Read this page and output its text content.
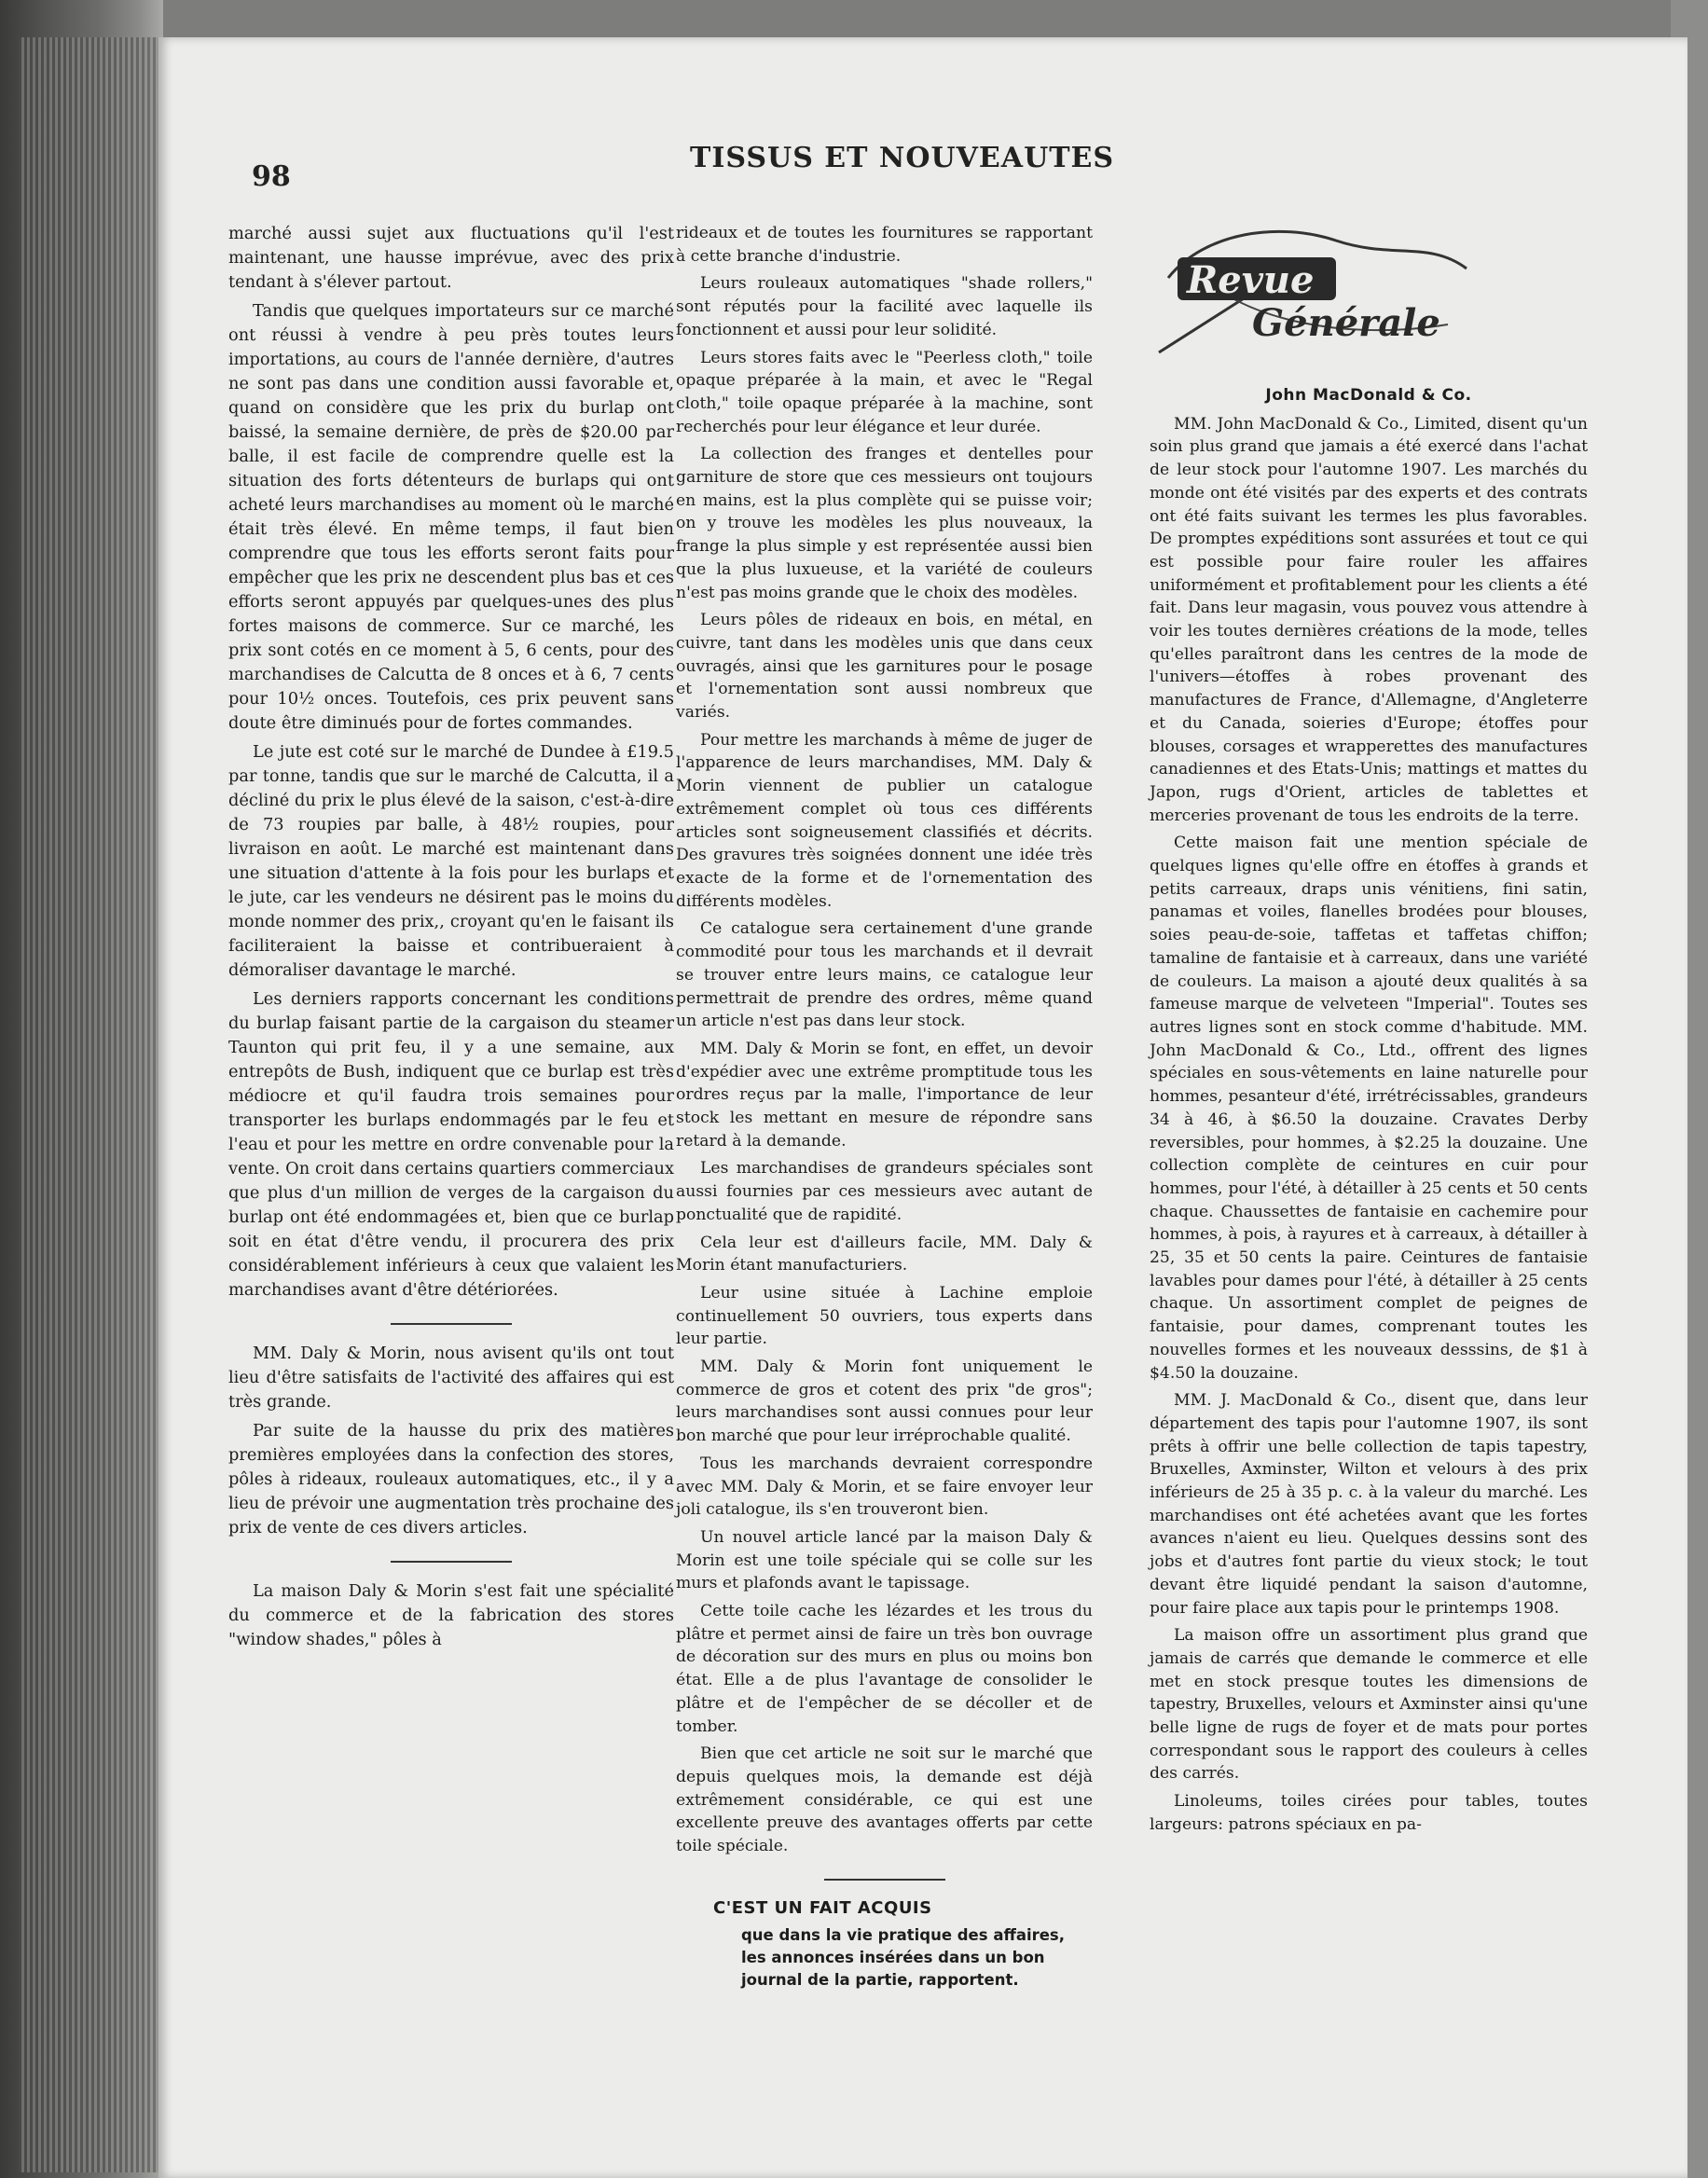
98
TISSUS ET NOUVEAUTES

marché aussi sujet aux fluctuations qu'il l'est maintenant, une hausse imprévue, avec des prix tendant à s'élever partout.

Tandis que quelques importateurs sur ce marché ont réussi à vendre à peu près toutes leurs importations, au cours de l'année dernière, d'autres ne sont pas dans une condition aussi favorable et, quand on considère que les prix du burlap ont baissé, la semaine dernière, de près de $20.00 par balle, il est facile de comprendre quelle est la situation des forts détenteurs de burlaps qui ont acheté leurs marchandises au moment où le marché était très élevé. En même temps, il faut bien comprendre que tous les efforts seront faits pour empêcher que les prix ne descendent plus bas et ces efforts seront appuyés par quelques-unes des plus fortes maisons de commerce. Sur ce marché, les prix sont cotés en ce moment à 5, 6 cents, pour des marchandises de Calcutta de 8 onces et à 6, 7 cents pour 10½ onces. Toutefois, ces prix peuvent sans doute être diminués pour de fortes commandes.

Le jute est coté sur le marché de Dundee à £19.5 par tonne, tandis que sur le marché de Calcutta, il a décliné du prix le plus élevé de la saison, c'est-à-dire de 73 roupies par balle, à 48½ roupies, pour livraison en août. Le marché est maintenant dans une situation d'attente à la fois pour les burlaps et le jute, car les vendeurs ne désirent pas le moins du monde nommer des prix,, croyant qu'en le faisant ils faciliteraient la baisse et contribueraient à démoraliser davantage le marché.

Les derniers rapports concernant les conditions du burlap faisant partie de la cargaison du steamer Taunton qui prit feu, il y a une semaine, aux entrepôts de Bush, indiquent que ce burlap est très médiocre et qu'il faudra trois semaines pour transporter les burlaps endommagés par le feu et l'eau et pour les mettre en ordre convenable pour la vente. On croit dans certains quartiers commerciaux que plus d'un million de verges de la cargaison du burlap ont été endommagées et, bien que ce burlap soit en état d'être vendu, il procurera des prix considérablement inférieurs à ceux que valaient les marchandises avant d'être détériorées.

MM. Daly & Morin, nous avisent qu'ils ont tout lieu d'être satisfaits de l'activité des affaires qui est très grande.

Par suite de la hausse du prix des matières premières employées dans la confection des stores, pôles à rideaux, rouleaux automatiques, etc., il y a lieu de prévoir une augmentation très prochaine des prix de vente de ces divers articles.

La maison Daly & Morin s'est fait une spécialité du commerce et de la fabrication des stores "window shades," pôles à

rideaux et de toutes les fournitures se rapportant à cette branche d'industrie.

Leurs rouleaux automatiques "shade rollers," sont réputés pour la facilité avec laquelle ils fonctionnent et aussi pour leur solidité.

Leurs stores faits avec le "Peerless cloth," toile opaque préparée à la main, et avec le "Regal cloth," toile opaque préparée à la machine, sont recherchés pour leur élégance et leur durée.

La collection des franges et dentelles pour garniture de store que ces messieurs ont toujours en mains, est la plus complète qui se puisse voir; on y trouve les modèles les plus nouveaux, la frange la plus simple y est représentée aussi bien que la plus luxueuse, et la variété de couleurs n'est pas moins grande que le choix des modèles.

Leurs pôles de rideaux en bois, en métal, en cuivre, tant dans les modèles unis que dans ceux ouvragés, ainsi que les garnitures pour le posage et l'ornementation sont aussi nombreux que variés.

Pour mettre les marchands à même de juger de l'apparence de leurs marchandises, MM. Daly & Morin viennent de publier un catalogue extrêmement complet où tous ces différents articles sont soigneusement classifiés et décrits. Des gravures très soignées donnent une idée très exacte de la forme et de l'ornementation des différents modèles.

Ce catalogue sera certainement d'une grande commodité pour tous les marchands et il devrait se trouver entre leurs mains, ce catalogue leur permettrait de prendre des ordres, même quand un article n'est pas dans leur stock.

MM. Daly & Morin se font, en effet, un devoir d'expédier avec une extrême promptitude tous les ordres reçus par la malle, l'importance de leur stock les mettant en mesure de répondre sans retard à la demande.

Les marchandises de grandeurs spéciales sont aussi fournies par ces messieurs avec autant de ponctualité que de rapidité.

Cela leur est d'ailleurs facile, MM. Daly & Morin étant manufacturiers.

Leur usine située à Lachine emploie continuellement 50 ouvriers, tous experts dans leur partie.

MM. Daly & Morin font uniquement le commerce de gros et cotent des prix "de gros"; leurs marchandises sont aussi connues pour leur bon marché que pour leur irréprochable qualité.

Tous les marchands devraient correspondre avec MM. Daly & Morin, et se faire envoyer leur joli catalogue, ils s'en trouveront bien.

Un nouvel article lancé par la maison Daly & Morin est une toile spéciale qui se colle sur les murs et plafonds avant le tapissage.

Cette toile cache les lézardes et les trous du plâtre et permet ainsi de faire un très bon ouvrage de décoration sur des murs en plus ou moins bon état. Elle a de plus l'avantage de consolider le plâtre et de l'empêcher de se décoller et de tomber.

Bien que cet article ne soit sur le marché que depuis quelques mois, la demande est déjà extrêmement considérable, ce qui est une excellente preuve des avantages offerts par cette toile spéciale.

C'EST UN FAIT ACQUIS
que dans la vie pratique des affaires, les annonces insérées dans un bon journal de la partie, rapportent.
Revue
Générale
John MacDonald & Co.

MM. John MacDonald & Co., Limited, disent qu'un soin plus grand que jamais a été exercé dans l'achat de leur stock pour l'automne 1907. Les marchés du monde ont été visités par des experts et des contrats ont été faits suivant les termes les plus favorables. De promptes expéditions sont assurées et tout ce qui est possible pour faire rouler les affaires uniformément et profitablement pour les clients a été fait. Dans leur magasin, vous pouvez vous attendre à voir les toutes dernières créations de la mode, telles qu'elles paraîtront dans les centres de la mode de l'univers—étoffes à robes provenant des manufactures de France, d'Allemagne, d'Angleterre et du Canada, soieries d'Europe; étoffes pour blouses, corsages et wrapperettes des manufactures canadiennes et des Etats-Unis; mattings et mattes du Japon, rugs d'Orient, articles de tablettes et merceries provenant de tous les endroits de la terre.

Cette maison fait une mention spéciale de quelques lignes qu'elle offre en étoffes à grands et petits carreaux, draps unis vénitiens, fini satin, panamas et voiles, flanelles brodées pour blouses, soies peau-de-soie, taffetas et taffetas chiffon; tamaline de fantaisie et à carreaux, dans une variété de couleurs. La maison a ajouté deux qualités à sa fameuse marque de velveteen "Imperial". Toutes ses autres lignes sont en stock comme d'habitude. MM. John MacDonald & Co., Ltd., offrent des lignes spéciales en sous-vêtements en laine naturelle pour hommes, pesanteur d'été, irrétrécissables, grandeurs 34 à 46, à $6.50 la douzaine. Cravates Derby reversibles, pour hommes, à $2.25 la douzaine. Une collection complète de ceintures en cuir pour hommes, pour l'été, à détailler à 25 cents et 50 cents chaque. Chaussettes de fantaisie en cachemire pour hommes, à pois, à rayures et à carreaux, à détailler à 25, 35 et 50 cents la paire. Ceintures de fantaisie lavables pour dames pour l'été, à détailler à 25 cents chaque. Un assortiment complet de peignes de fantaisie, pour dames, comprenant toutes les nouvelles formes et les nouveaux desssins, de $1 à $4.50 la douzaine.

MM. J. MacDonald & Co., disent que, dans leur département des tapis pour l'automne 1907, ils sont prêts à offrir une belle collection de tapis tapestry, Bruxelles, Axminster, Wilton et velours à des prix inférieurs de 25 à 35 p. c. à la valeur du marché. Les marchandises ont été achetées avant que les fortes avances n'aient eu lieu. Quelques dessins sont des jobs et d'autres font partie du vieux stock; le tout devant être liquidé pendant la saison d'automne, pour faire place aux tapis pour le printemps 1908.

La maison offre un assortiment plus grand que jamais de carrés que demande le commerce et elle met en stock presque toutes les dimensions de tapestry, Bruxelles, velours et Axminster ainsi qu'une belle ligne de rugs de foyer et de mats pour portes correspondant sous le rapport des couleurs à celles des carrés.

Linoleums, toiles cirées pour tables, toutes largeurs: patrons spéciaux en pa-
